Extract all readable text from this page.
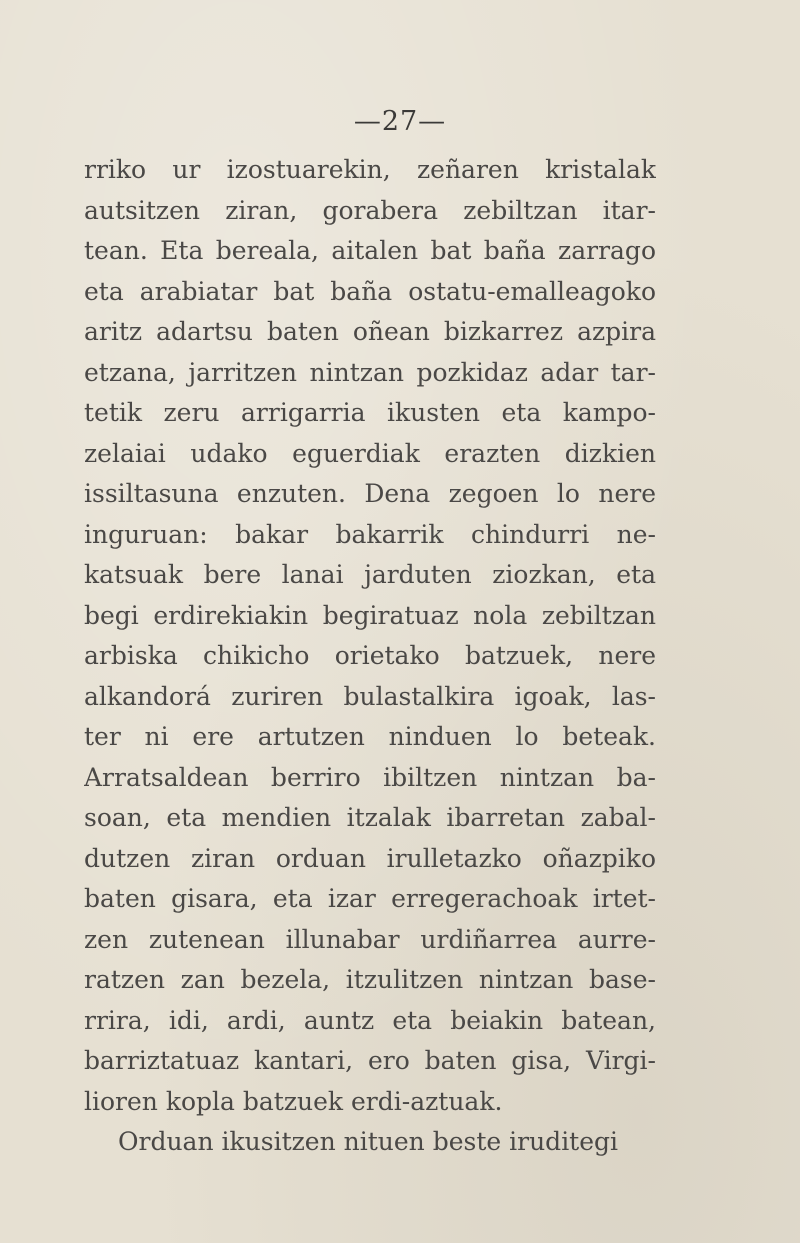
—27—
rriko ur izostuarekin, zeñaren kristalak
autsitzen ziran, gorabera zebiltzan itar-
tean. Eta bereala, aitalen bat baña zarrago
eta arabiatar bat baña ostatu-emalleagoko
aritz adartsu baten oñean bizkarrez azpira
etzana, jarritzen nintzan pozkidaz adar tar-
tetik zeru arrigarria ikusten eta kampo-
zelaiai udako eguerdiak erazten dizkien
issiltasuna enzuten. Dena zegoen lo nere
inguruan: bakar bakarrik chindurri ne-
katsuak bere lanai jarduten ziozkan, eta
begi erdirekiakin begiratuaz nola zebiltzan
arbiska chikicho orietako batzuek, nere
alkandorá zuriren bulastalkira igoak, las-
ter ni ere artutzen ninduen lo beteak.
Arratsaldean berriro ibiltzen nintzan ba-
soan, eta mendien itzalak ibarretan zabal-
dutzen ziran orduan irulletazko oñazpiko
baten gisara, eta izar erregerachoak irtet-
zen zutenean illunabar urdiñarrea aurre-
ratzen zan bezela, itzulitzen nintzan base-
rrira, idi, ardi, auntz eta beiakin batean,
barriztatuaz kantari, ero baten gisa, Virgi-
lioren kopla batzuek erdi-aztuak.
Orduan ikusitzen nituen beste iruditegi
